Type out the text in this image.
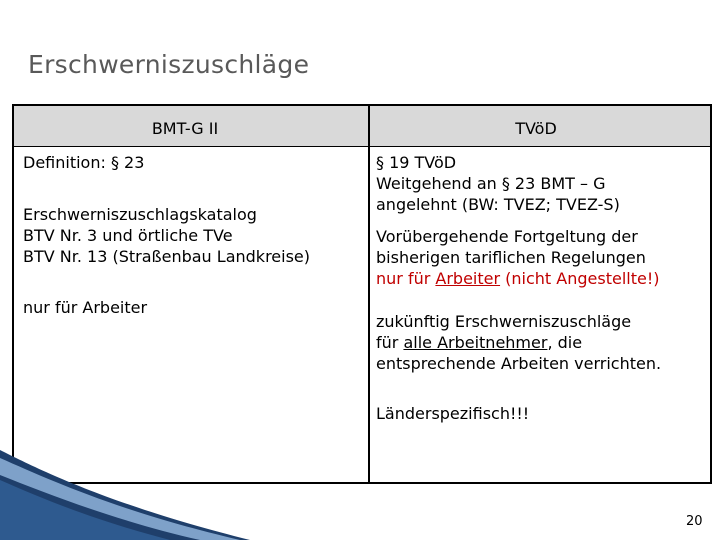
Erschwerniszuschläge
BMT-G II	TVöD

Definition: § 23

Erschwerniszuschlagskatalog

BTV Nr. 3 und örtliche TVe

BTV Nr. 13 (Straßenbau Landkreise)

nur für Arbeiter

§ 19 TVöD

Weitgehend an § 23 BMT – G

angelehnt (BW: TVEZ; TVEZ-S)

Vorübergehende Fortgeltung der

bisherigen tariflichen Regelungen

nur für Arbeiter (nicht Angestellte!)

zukünftig Erschwerniszuschläge

für alle Arbeitnehmer, die

entsprechende Arbeiten verrichten.

Länderspezifisch!!!

20
